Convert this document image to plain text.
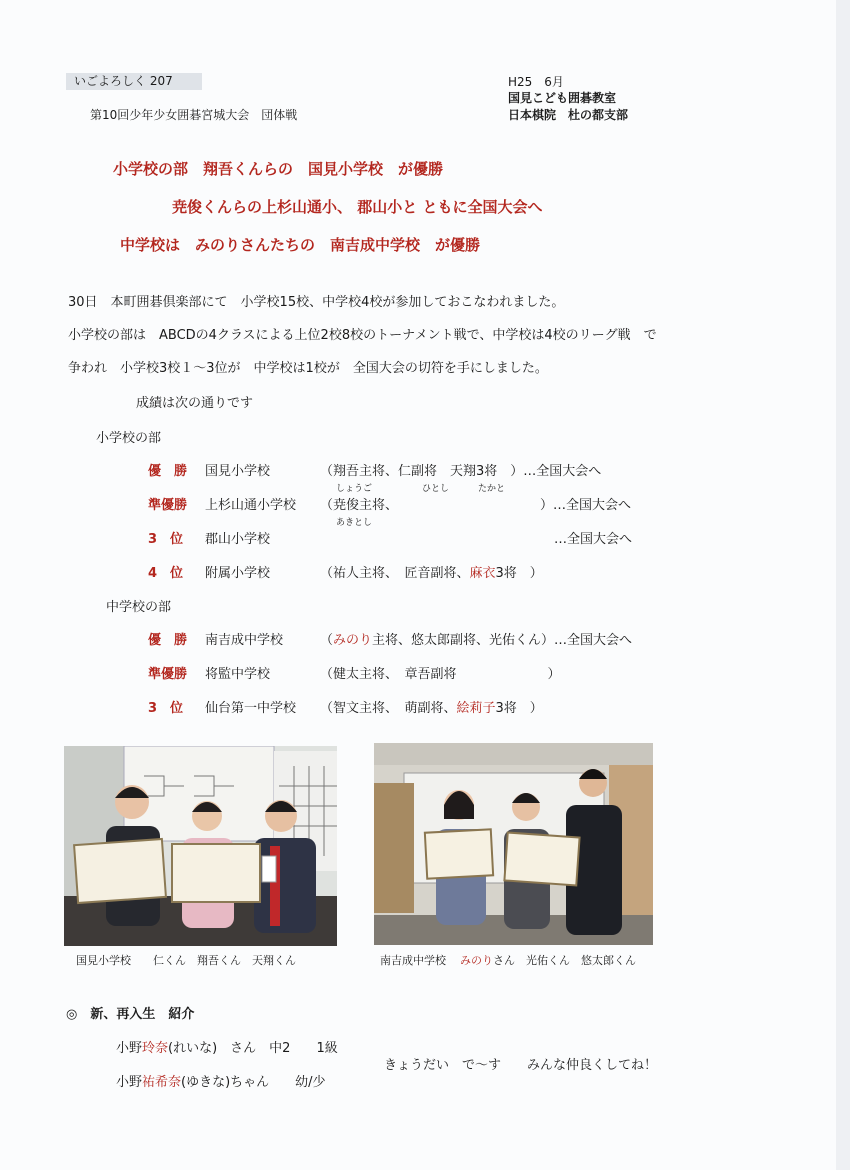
いごよろしく 207	H25　6月
国見こども囲碁教室
日本棋院　杜の都支部
第10回少年少女囲碁宮城大会　団体戦
小学校の部　翔吾くんらの　国見小学校　が優勝
尭俊くんらの上杉山通小、 郡山小と ともに全国大会へ
中学校は　みのりさんたちの　南吉成中学校　が優勝
30日　本町囲碁倶楽部にて　小学校15校、中学校4校が参加しておこなわれました。
小学校の部は　ABCDの4クラスによる上位2校8校のトーナメント戦で、中学校は4校のリーグ戦　で
争われ　小学校3校１～3位が　中学校は1校が　全国大会の切符を手にしました。
成績は次の通りです
小学校の部
優　勝 国見小学校	（翔吾主将、仁副将　天翔3将　）…全国大会へ
しょうご	ひとし	たかと
準優勝 上杉山通小学校 （尭俊主将、	）…全国大会へ
あきとし
3　位 郡山小学校	…全国大会へ
4　位 附属小学校	（祐人主将、　匠音副将、麻衣3将　）
中学校の部
優　勝 南吉成中学校	（みのり主将、悠太郎副将、光佑くん）…全国大会へ
準優勝 将監中学校	（健太主将、　章吾副将　　　　　　　）
3　位 仙台第一中学校 （智文主将、　萌副将、絵莉子3将　）
国見小学校　　仁くん　翔吾くん　天翔くん	南吉成中学校 みのりさん　光佑くん　悠太郎くん
◎　新、再入生　紹介
小野玲奈(れいな)　さん　中2　　1級
小野祐希奈(ゆきな)ちゃん　　幼/少
きょうだい　で～す　　みんな仲良くしてね！
